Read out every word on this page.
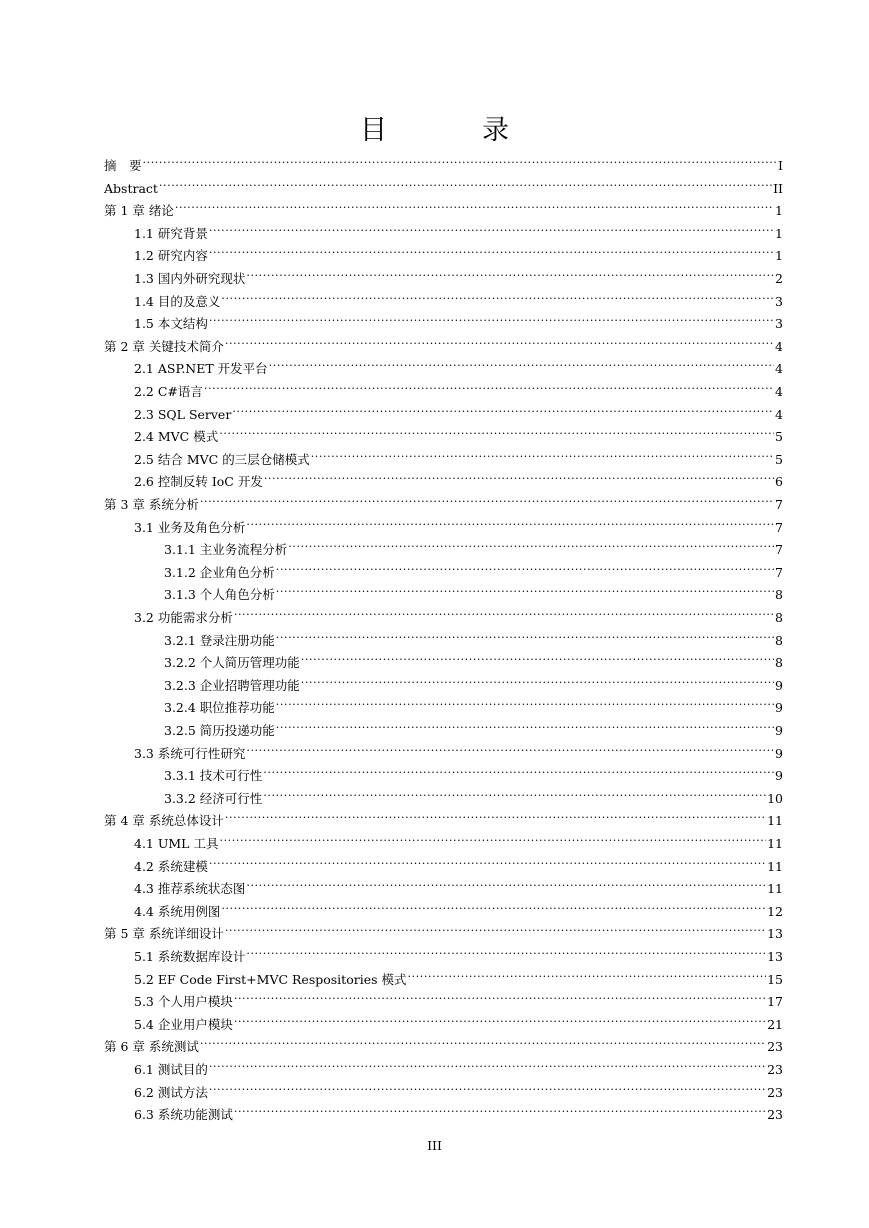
目　录
摘　要 .....	I
Abstract .....	II
第 1 章 绪论 .....	1
1.1 研究背景 .....	1
1.2 研究内容 .....	1
1.3 国内外研究现状 .....	2
1.4 目的及意义 .....	3
1.5 本文结构 .....	3
第 2 章 关键技术简介 .....	4
2.1 ASP.NET 开发平台 .....	4
2.2 C#语言 .....	4
2.3 SQL Server .....	4
2.4 MVC 模式 .....	5
2.5 结合 MVC 的三层仓储模式 .....	5
2.6 控制反转 IoC 开发 .....	6
第 3 章 系统分析 .....	7
3.1 业务及角色分析 .....	7
3.1.1 主业务流程分析 .....	7
3.1.2 企业角色分析 .....	7
3.1.3 个人角色分析 .....	8
3.2 功能需求分析 .....	8
3.2.1 登录注册功能 .....	8
3.2.2 个人简历管理功能 .....	8
3.2.3 企业招聘管理功能 .....	9
3.2.4 职位推荐功能 .....	9
3.2.5 简历投递功能 .....	9
3.3 系统可行性研究 .....	9
3.3.1 技术可行性 .....	9
3.3.2 经济可行性 .....	10
第 4 章 系统总体设计 .....	11
4.1 UML 工具 .....	11
4.2 系统建模 .....	11
4.3 推荐系统状态图 .....	11
4.4 系统用例图 .....	12
第 5 章 系统详细设计 .....	13
5.1 系统数据库设计 .....	13
5.2 EF Code First+MVC Respositories 模式 .....	15
5.3 个人用户模块 .....	17
5.4 企业用户模块 .....	21
第 6 章 系统测试 .....	23
6.1 测试目的 .....	23
6.2 测试方法 .....	23
6.3 系统功能测试 .....	23
III
